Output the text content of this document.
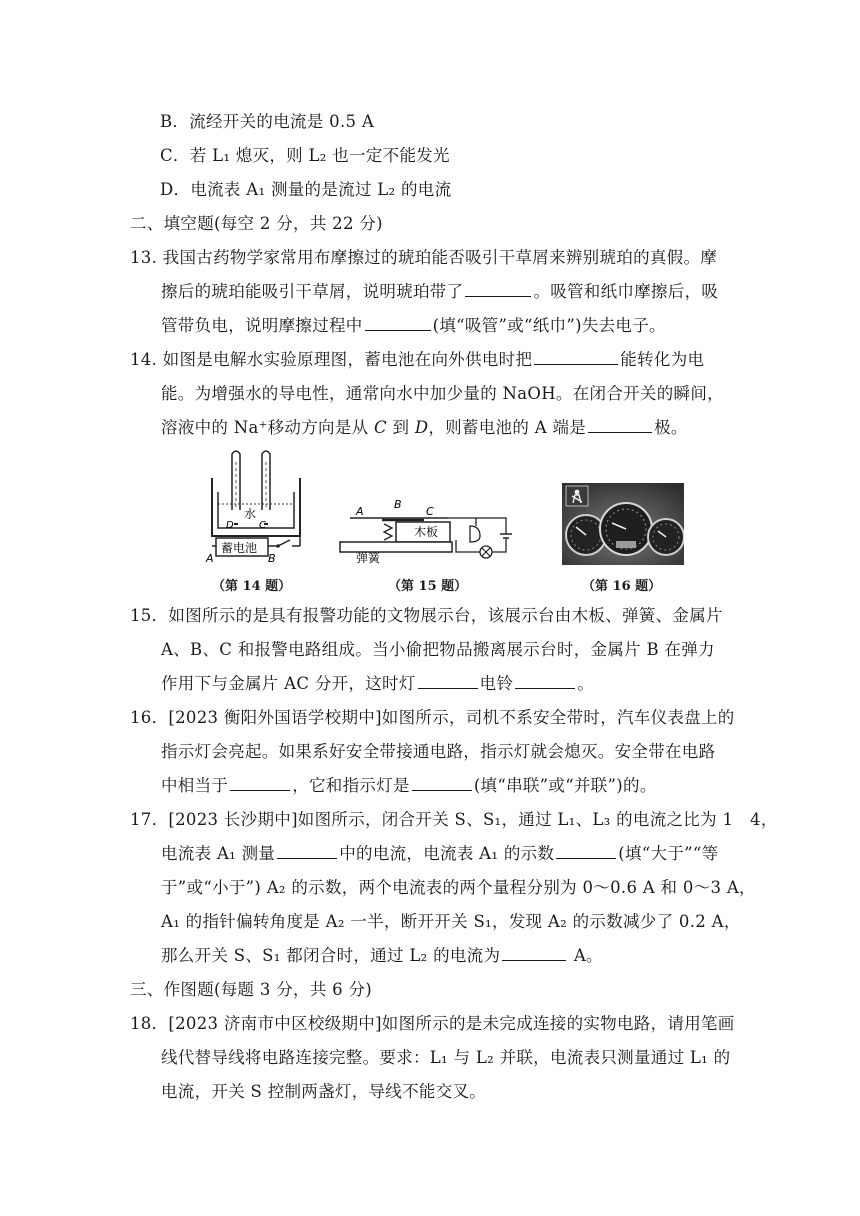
B．流经开关的电流是 0.5 A
C．若 L₁ 熄灭，则 L₂ 也一定不能发光
D．电流表 A₁ 测量的是流过 L₂ 的电流
二、填空题(每空 2 分，共 22 分)
13. 我国古药物学家常用布摩擦过的琥珀能否吸引干草屑来辨别琥珀的真假。摩
擦后的琥珀能吸引干草屑，说明琥珀带了	。吸管和纸巾摩擦后，吸
管带负电，说明摩擦过程中	(填“吸管”或“纸巾”)失去电子。
14. 如图是电解水实验原理图，蓄电池在向外供电时把	能转化为电
能。为增强水的导电性，通常向水中加少量的 NaOH。在闭合开关的瞬间，
溶液中的 Na⁺移动方向是从 C 到 D，则蓄电池的 A 端是	极。
水
D	C
蓄电池
A	B
（第 14 题）
A
B
C
木板
弹簧
（第 15 题）	（第 16 题）
15．如图所示的是具有报警功能的文物展示台，该展示台由木板、弹簧、金属片
A、B、C 和报警电路组成。当小偷把物品搬离展示台时，金属片 B 在弹力
作用下与金属片 AC 分开，这时灯	电铃	。
16．[2023 衡阳外国语学校期中]如图所示，司机不系安全带时，汽车仪表盘上的
指示灯会亮起。如果系好安全带接通电路，指示灯就会熄灭。安全带在电路
中相当于	，它和指示灯是	(填“串联”或“并联”)的。
17．[2023 长沙期中]如图所示，闭合开关 S、S₁，通过 L₁、L₃ 的电流之比为 1　4，
电流表 A₁ 测量	中的电流，电流表 A₁ 的示数	(填“大于”“等
于”或“小于”) A₂ 的示数，两个电流表的两个量程分别为 0～0.6 A 和 0～3 A，
A₁ 的指针偏转角度是 A₂ 一半，断开开关 S₁，发现 A₂ 的示数减少了 0.2 A，
那么开关 S、S₁ 都闭合时，通过 L₂ 的电流为	A。
三、作图题(每题 3 分，共 6 分)
18．[2023 济南市中区校级期中]如图所示的是未完成连接的实物电路，请用笔画
线代替导线将电路连接完整。要求：L₁ 与 L₂ 并联，电流表只测量通过 L₁ 的
电流，开关 S 控制两盏灯，导线不能交叉。
